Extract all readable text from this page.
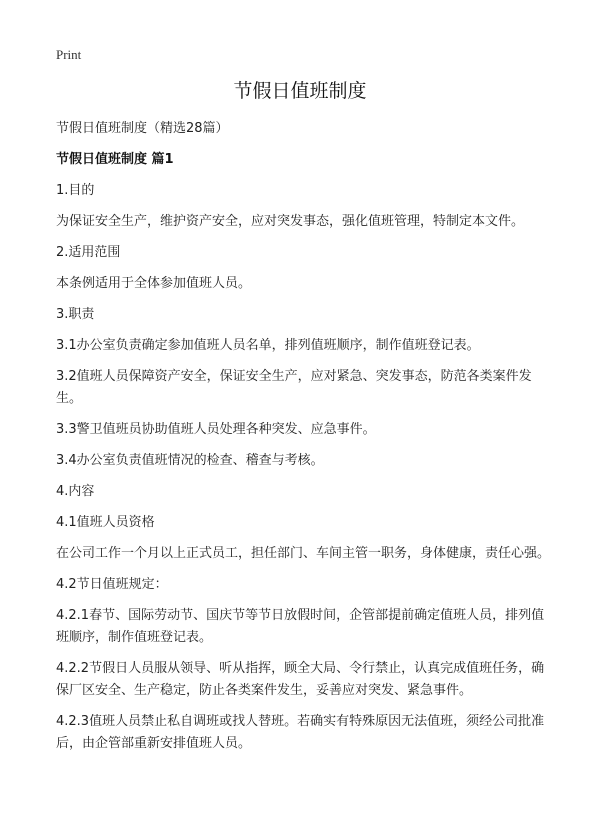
Print
节假日值班制度

节假日值班制度（精选28篇）

节假日值班制度 篇1

1.目的

为保证安全生产，维护资产安全，应对突发事态，强化值班管理，特制定本文件。

2.适用范围

本条例适用于全体参加值班人员。

3.职责

3.1办公室负责确定参加值班人员名单，排列值班顺序，制作值班登记表。

3.2值班人员保障资产安全，保证安全生产，应对紧急、突发事态，防范各类案件发生。

3.3警卫值班员协助值班人员处理各种突发、应急事件。

3.4办公室负责值班情况的检查、稽查与考核。

4.内容

4.1值班人员资格

在公司工作一个月以上正式员工，担任部门、车间主管一职务，身体健康，责任心强。

4.2节日值班规定：

4.2.1春节、国际劳动节、国庆节等节日放假时间，企管部提前确定值班人员，排列值班顺序，制作值班登记表。

4.2.2节假日人员服从领导、听从指挥，顾全大局、令行禁止，认真完成值班任务，确保厂区安全、生产稳定，防止各类案件发生，妥善应对突发、紧急事件。

4.2.3值班人员禁止私自调班或找人替班。若确实有特殊原因无法值班，须经公司批准后，由企管部重新安排值班人员。
